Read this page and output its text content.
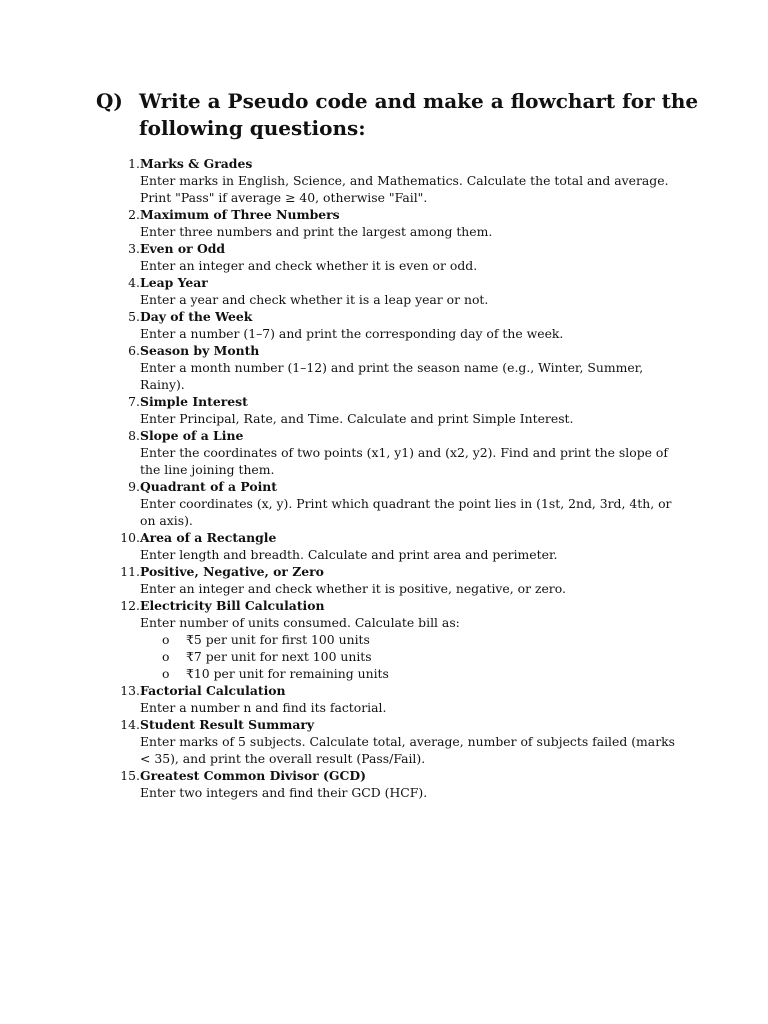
Q) Write a Pseudo code and make a flowchart for the following questions:
1. Marks & Grades
Enter marks in English, Science, and Mathematics. Calculate the total and average. Print "Pass" if average ≥ 40, otherwise "Fail".
2. Maximum of Three Numbers
Enter three numbers and print the largest among them.
3. Even or Odd
Enter an integer and check whether it is even or odd.
4. Leap Year
Enter a year and check whether it is a leap year or not.
5. Day of the Week
Enter a number (1–7) and print the corresponding day of the week.
6. Season by Month
Enter a month number (1–12) and print the season name (e.g., Winter, Summer, Rainy).
7. Simple Interest
Enter Principal, Rate, and Time. Calculate and print Simple Interest.
8. Slope of a Line
Enter the coordinates of two points (x1, y1) and (x2, y2). Find and print the slope of the line joining them.
9. Quadrant of a Point
Enter coordinates (x, y). Print which quadrant the point lies in (1st, 2nd, 3rd, 4th, or on axis).
10. Area of a Rectangle
Enter length and breadth. Calculate and print area and perimeter.
11. Positive, Negative, or Zero
Enter an integer and check whether it is positive, negative, or zero.
12. Electricity Bill Calculation
Enter number of units consumed. Calculate bill as:
o	₹5 per unit for first 100 units
o	₹7 per unit for next 100 units
o	₹10 per unit for remaining units
13. Factorial Calculation
Enter a number n and find its factorial.
14. Student Result Summary
Enter marks of 5 subjects. Calculate total, average, number of subjects failed (marks < 35), and print the overall result (Pass/Fail).
15. Greatest Common Divisor (GCD)
Enter two integers and find their GCD (HCF).
